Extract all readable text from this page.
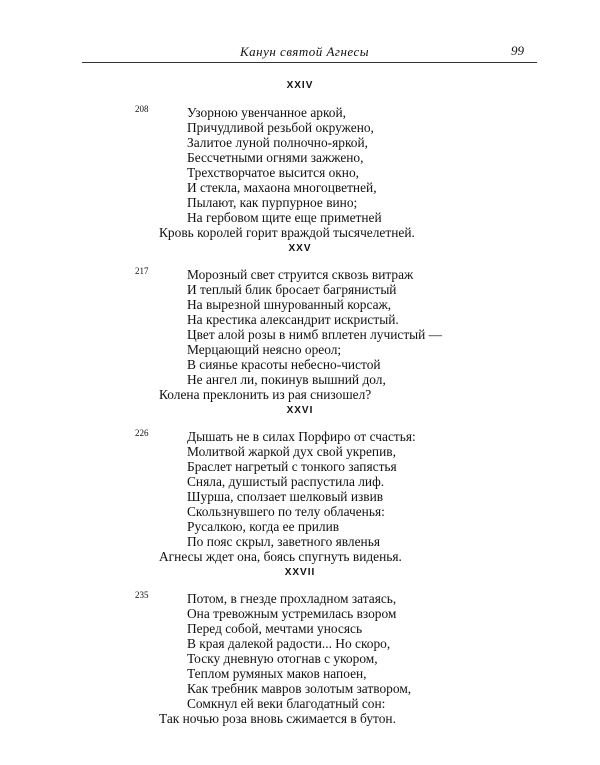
Канун святой Агнесы	99
XXIV
208	Узорною увенчанное аркой,
Причудливой резьбой окружено,
Залитое луной полночно-яркой,
Бессчетными огнями зажжено,
Трехстворчатое высится окно,
И стекла, махаона многоцветней,
Пылают, как пурпурное вино;
На гербовом щите еще приметней
Кровь королей горит враждой тысячелетней.
XXV
217	Морозный свет струится сквозь витраж
И теплый блик бросает багрянистый
На вырезной шнурованный корсаж,
На крестика александрит искристый.
Цвет алой розы в нимб вплетен лучистый —
Мерцающий неясно ореол;
В сиянье красоты небесно-чистой
Не ангел ли, покинув вышний дол,
Колена преклонить из рая снизошел?
XXVI
226	Дышать не в силах Порфиро от счастья:
Молитвой жаркой дух свой укрепив,
Браслет нагретый с тонкого запястья
Сняла, душистый распустила лиф.
Шурша, сползает шелковый извив
Скользнувшего по телу облаченья:
Русалкою, когда ее прилив
По пояс скрыл, заветного явленья
Агнесы ждет она, боясь спугнуть виденья.
XXVII
235	Потом, в гнезде прохладном затаясь,
Она тревожным устремилась взором
Перед собой, мечтами уносясь
В края далекой радости... Но скоро,
Тоску дневную отогнав с укором,
Теплом румяных маков напоен,
Как требник мавров золотым затвором,
Сомкнул ей веки благодатный сон:
Так ночью роза вновь сжимается в бутон.
